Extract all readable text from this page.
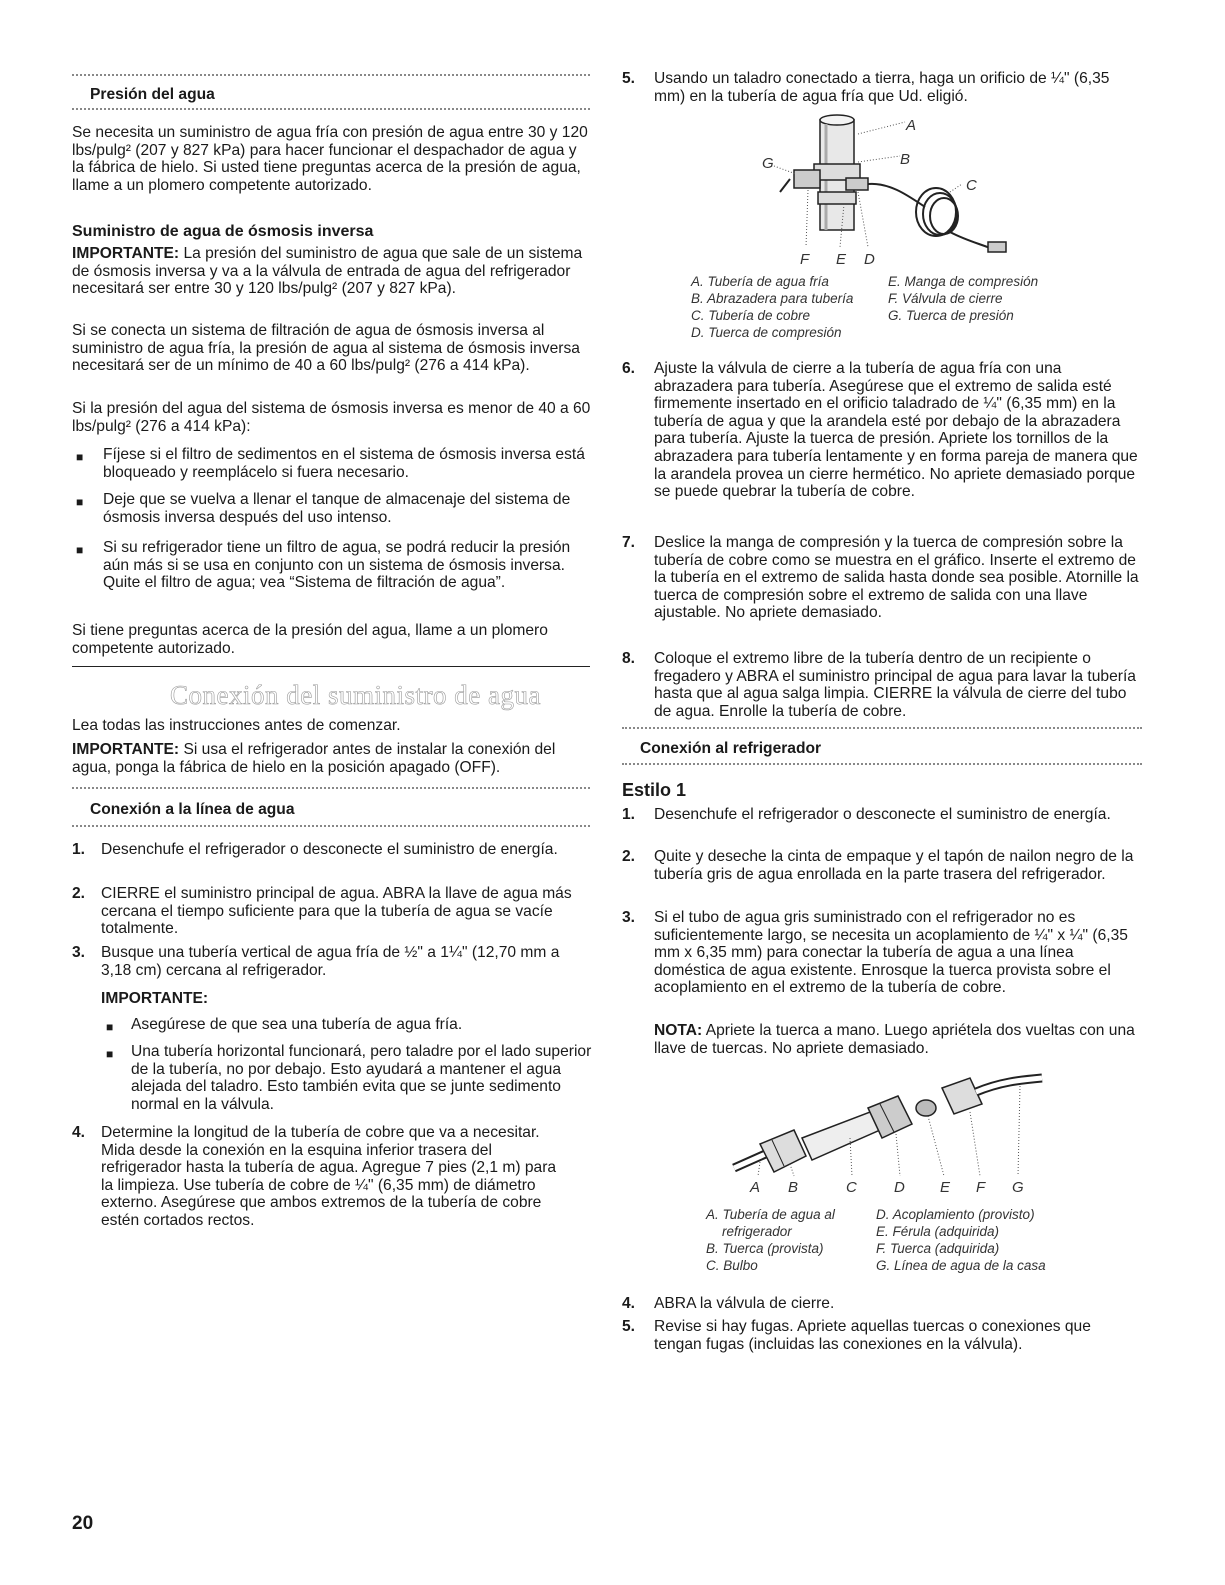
Presión del agua

Se necesita un suministro de agua fría con presión de agua entre 30 y 120 lbs/pulg² (207 y 827 kPa) para hacer funcionar el despachador de agua y la fábrica de hielo. Si usted tiene preguntas acerca de la presión de agua, llame a un plomero competente autorizado.

Suministro de agua de ósmosis inversa

IMPORTANTE: La presión del suministro de agua que sale de un sistema de ósmosis inversa y va a la válvula de entrada de agua del refrigerador necesitará ser entre 30 y 120 lbs/pulg² (207 y 827 kPa).

Si se conecta un sistema de filtración de agua de ósmosis inversa al suministro de agua fría, la presión de agua al sistema de ósmosis inversa necesitará ser de un mínimo de 40 a 60 lbs/pulg² (276 a 414 kPa).

Si la presión del agua del sistema de ósmosis inversa es menor de 40 a 60 lbs/pulg² (276 a 414 kPa):

■ Fíjese si el filtro de sedimentos en el sistema de ósmosis inversa está bloqueado y reemplácelo si fuera necesario.

■ Deje que se vuelva a llenar el tanque de almacenaje del sistema de ósmosis inversa después del uso intenso.

■ Si su refrigerador tiene un filtro de agua, se podrá reducir la presión aún más si se usa en conjunto con un sistema de ósmosis inversa. Quite el filtro de agua; vea “Sistema de filtración de agua”.

Si tiene preguntas acerca de la presión del agua, llame a un plomero competente autorizado.

Conexión del suministro de agua

Lea todas las instrucciones antes de comenzar.

IMPORTANTE: Si usa el refrigerador antes de instalar la conexión del agua, ponga la fábrica de hielo en la posición apagado (OFF).

Conexión a la línea de agua
1. Desenchufe el refrigerador o desconecte el suministro de energía.

2. CIERRE el suministro principal de agua. ABRA la llave de agua más cercana el tiempo suficiente para que la tubería de agua se vacíe totalmente.

3. Busque una tubería vertical de agua fría de ½" a 1¼" (12,70 mm a 3,18 cm) cercana al refrigerador.

IMPORTANTE:
■ Asegúrese de que sea una tubería de agua fría.

■ Una tubería horizontal funcionará, pero taladre por el lado superior de la tubería, no por debajo. Esto ayudará a mantener el agua alejada del taladro. Esto también evita que se junte sedimento normal en la válvula.

4. Determine la longitud de la tubería de cobre que va a necesitar. Mida desde la conexión en la esquina inferior trasera del refrigerador hasta la tubería de agua. Agregue 7 pies (2,1 m) para la limpieza. Use tubería de cobre de ¼" (6,35 mm) de diámetro externo. Asegúrese que ambos extremos de la tubería de cobre estén cortados rectos.

5. Usando un taladro conectado a tierra, haga un orificio de ¼" (6,35 mm) en la tubería de agua fría que Ud. eligió.

A
B
C
D
E
F
G
A. Tubería de agua fría
B. Abrazadera para tubería
C. Tubería de cobre
D. Tuerca de compresión
E. Manga de compresión
F. Válvula de cierre
G. Tuerca de presión
6. Ajuste la válvula de cierre a la tubería de agua fría con una abrazadera para tubería. Asegúrese que el extremo de salida esté firmemente insertado en el orificio taladrado de ¼" (6,35 mm) en la tubería de agua y que la arandela esté por debajo de la abrazadera para tubería. Ajuste la tuerca de presión. Apriete los tornillos de la abrazadera para tubería lentamente y en forma pareja de manera que la arandela provea un cierre hermético. No apriete demasiado porque se puede quebrar la tubería de cobre.

7. Deslice la manga de compresión y la tuerca de compresión sobre la tubería de cobre como se muestra en el gráfico. Inserte el extremo de la tubería en el extremo de salida hasta donde sea posible. Atornille la tuerca de compresión sobre el extremo de salida con una llave ajustable. No apriete demasiado.

8. Coloque el extremo libre de la tubería dentro de un recipiente o fregadero y ABRA el suministro principal de agua para lavar la tubería hasta que al agua salga limpia. CIERRE la válvula de cierre del tubo de agua. Enrolle la tubería de cobre.

Conexión al refrigerador
Estilo 1
1. Desenchufe el refrigerador o desconecte el suministro de energía.

2. Quite y deseche la cinta de empaque y el tapón de nailon negro de la tubería gris de agua enrollada en la parte trasera del refrigerador.

3. Si el tubo de agua gris suministrado con el refrigerador no es suficientemente largo, se necesita un acoplamiento de ¼" x ¼" (6,35 mm x 6,35 mm) para conectar la tubería de agua a una línea doméstica de agua existente. Enrosque la tuerca provista sobre el acoplamiento en el extremo de la tubería de cobre.

NOTA: Apriete la tuerca a mano. Luego apriétela dos vueltas con una llave de tuercas. No apriete demasiado.

A B	C D E F G
A. Tubería de agua al
refrigerador
B. Tuerca (provista)
C. Bulbo
D. Acoplamiento (provisto)
E. Férula (adquirida)
F. Tuerca (adquirida)
G. Línea de agua de la casa
4. ABRA la válvula de cierre.

5. Revise si hay fugas. Apriete aquellas tuercas o conexiones que tengan fugas (incluidas las conexiones en la válvula).

20
